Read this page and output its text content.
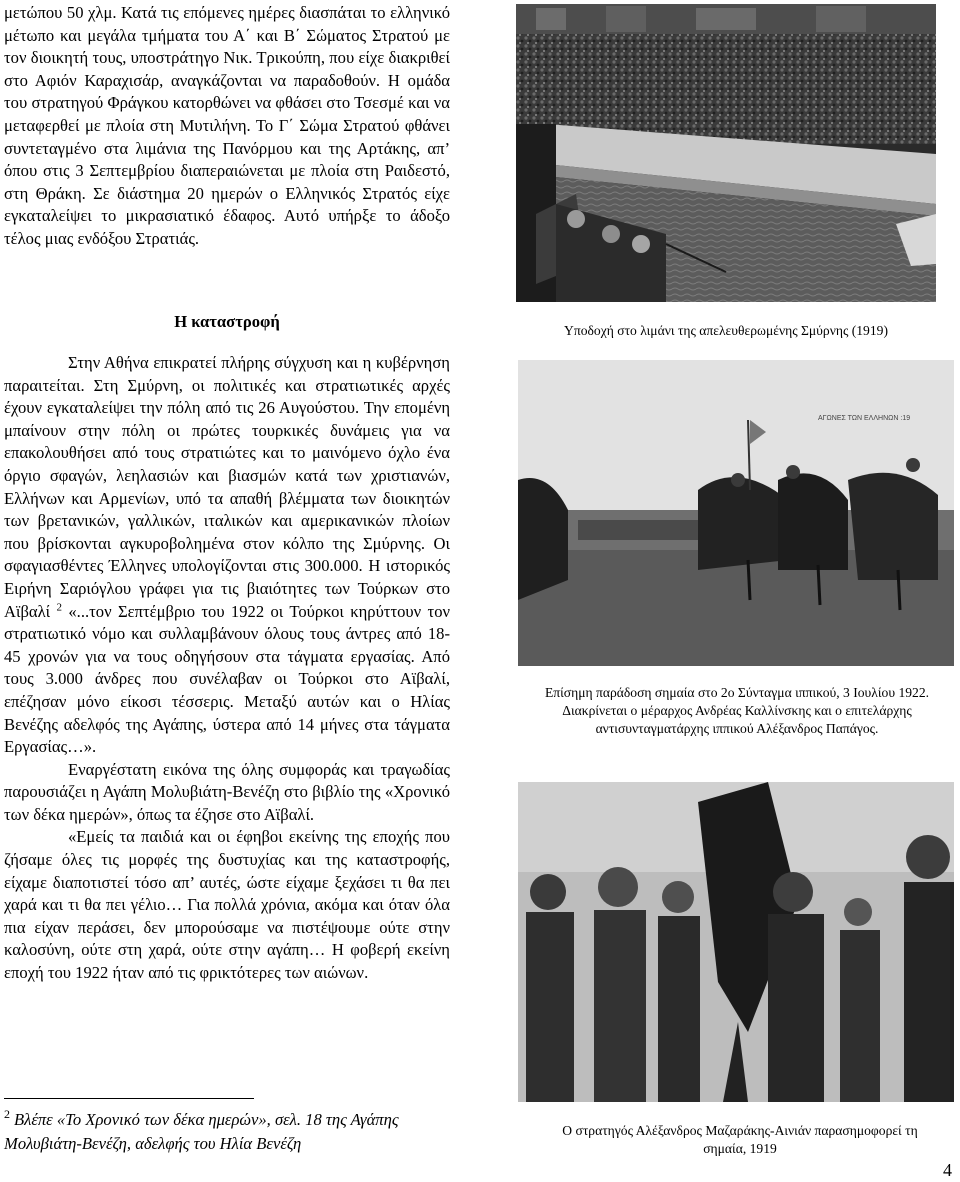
μετώπου 50 χλμ. Κατά τις επόμενες ημέρες διασπάται το ελληνικό μέτωπο και μεγάλα τμήματα του Α΄ και Β΄ Σώματος Στρατού με τον διοικητή τους, υποστράτηγο Νικ. Τρικούπη, που είχε διακριθεί στο Αφιόν Καραχισάρ, αναγκάζονται να παραδοθούν. Η ομάδα του στρατηγού Φράγκου κατορθώνει να φθάσει στο Τσεσμέ και να μεταφερθεί με πλοία στη Μυτιλήνη. Το Γ΄ Σώμα Στρατού φθάνει συντεταγμένο στα λιμάνια της Πανόρμου και της Αρτάκης, απ’ όπου στις 3 Σεπτεμβρίου διαπεραιώνεται με πλοία στη Ραιδεστό, στη Θράκη. Σε διάστημα 20 ημερών ο Ελληνικός Στρατός είχε εγκαταλείψει το μικρασιατικό έδαφος. Αυτό υπήρξε το άδοξο τέλος μιας ενδόξου Στρατιάς.

Η καταστροφή

Στην Αθήνα επικρατεί πλήρης σύγχυση και η κυβέρνηση παραιτείται. Στη Σμύρνη, οι πολιτικές και στρατιωτικές αρχές έχουν εγκαταλείψει την πόλη από τις 26 Αυγούστου. Την επομένη μπαίνουν στην πόλη οι πρώτες τουρκικές δυνάμεις για να επακολουθήσει από τους στρατιώτες και το μαινόμενο όχλο ένα όργιο σφαγών, λεηλασιών και βιασμών κατά των χριστιανών, Ελλήνων και Αρμενίων, υπό τα απαθή βλέμματα των διοικητών των βρετανικών, γαλλικών, ιταλικών και αμερικανικών πλοίων που βρίσκονται αγκυροβολημένα στον κόλπο της Σμύρνης. Οι σφαγιασθέντες Έλληνες υπολογίζονται στις 300.000. Η ιστορικός Ειρήνη Σαριόγλου γράφει για τις βιαιότητες των Τούρκων στο Αϊβαλί $^2$ «...τον Σεπτέμβριο του 1922 οι Τούρκοι κηρύττουν τον στρατιωτικό νόμο και συλλαμβάνουν όλους τους άντρες από 18-45 χρονών για να τους οδηγήσουν στα τάγματα εργασίας. Από τους 3.000 άνδρες που συνέλαβαν οι Τούρκοι στο Αϊβαλί, επέζησαν μόνο είκοσι τέσσερις. Μεταξύ αυτών και ο Ηλίας Βενέζης αδελφός της Αγάπης, ύστερα από 14 μήνες στα τάγματα Εργασίας…».

Εναργέστατη εικόνα της όλης συμφοράς και τραγωδίας παρουσιάζει η Αγάπη Μολυβιάτη-Βενέζη στο βιβλίο της «Χρονικό των δέκα ημερών», όπως τα έζησε στο Αϊβαλί.

«Εμείς τα παιδιά και οι έφηβοι εκείνης της εποχής που ζήσαμε όλες τις μορφές της δυστυχίας και της καταστροφής, είχαμε διαποτιστεί τόσο απ’ αυτές, ώστε είχαμε ξεχάσει τι θα πει χαρά και τι θα πει γέλιο… Για πολλά χρόνια, ακόμα και όταν όλα πια είχαν περάσει, δεν μπορούσαμε να πιστέψουμε ούτε στην καλοσύνη, ούτε στη χαρά, ούτε στην αγάπη… Η φοβερή εκείνη εποχή του 1922 ήταν από τις φρικτότερες των αιώνων.

$^2$ Βλέπε «Το Χρονικό των δέκα ημερών», σελ. 18 της Αγάπης Μολυβιάτη-Βενέζη, αδελφής του Ηλία Βενέζη
Υποδοχή στο λιμάνι της απελευθερωμένης Σμύρνης (1919)
ΑΓΩΝΕΣ ΤΩΝ ΕΛΛΗΝΩΝ :19
Επίσημη παράδοση σημαία στο 2ο Σύνταγμα ιππικού, 3 Ιουλίου 1922. Διακρίνεται ο μέραρχος Ανδρέας Καλλίνσκης και ο επιτελάρχης αντισυνταγματάρχης ιππικού Αλέξανδρος Παπάγος.
Ο στρατηγός Αλέξανδρος Μαζαράκης-Αινιάν παρασημοφορεί τη σημαία, 1919
4
